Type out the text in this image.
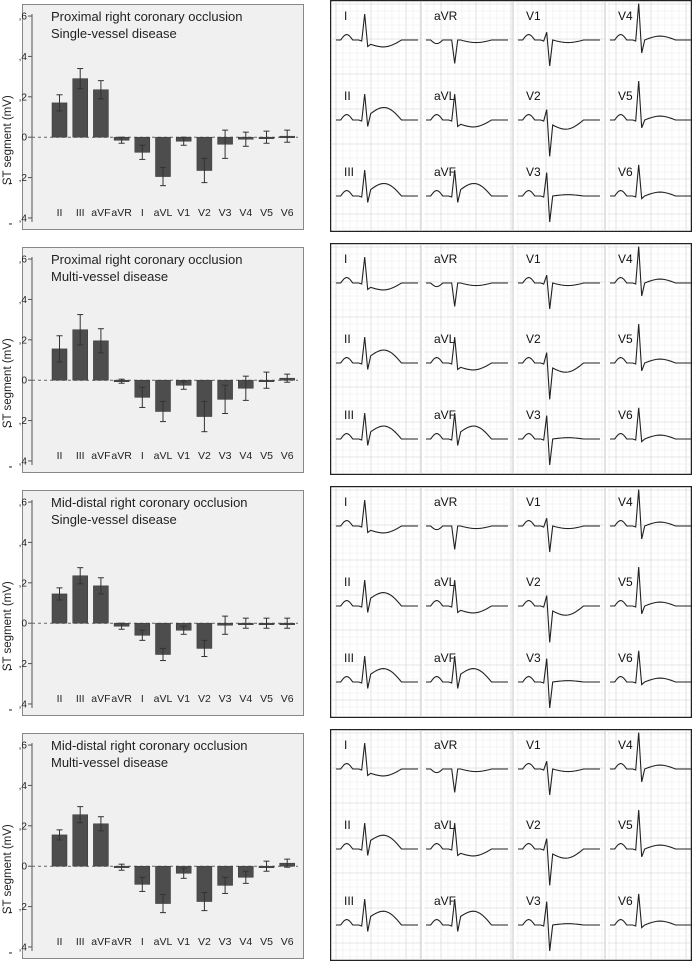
,4
,2
0
,2
,4
,6 Proximal right coronary occlusion
Single-vessel disease
ST segment (mV)
II III aVF aVR I aVL V1 V2 V3 V4 V5 V6
I
II
III
aVR
aVL
aVF
V1
V2
V3
V4
V5
V6
,4
,2
0
,2
,4
,6 Proximal right coronary occlusion
Multi-vessel disease
ST segment (mV)
II III aVF aVR I aVL V1 V2 V3 V4 V5 V6
I
II
III
aVR
aVL
aVF
V1
V2
V3
V4
V5
V6
,4
,2
0
,2
,4
,6 Mid-distal right coronary occlusion
Single-vessel disease
ST segment (mV)
II III aVF aVR I aVL V1 V2 V3 V4 V5 V6
I
II
III
aVR
aVL
aVF
V1
V2
V3
V4
V5
V6
,4
,2
0
,2
,4
,6 Mid-distal right coronary occlusion
Multi-vessel disease
ST segment (mV)
II III aVF aVR I aVL V1 V2 V3 V4 V5 V6
I
II
III
aVR
aVL
aVF
V1
V2
V3
V4
V5
V6
